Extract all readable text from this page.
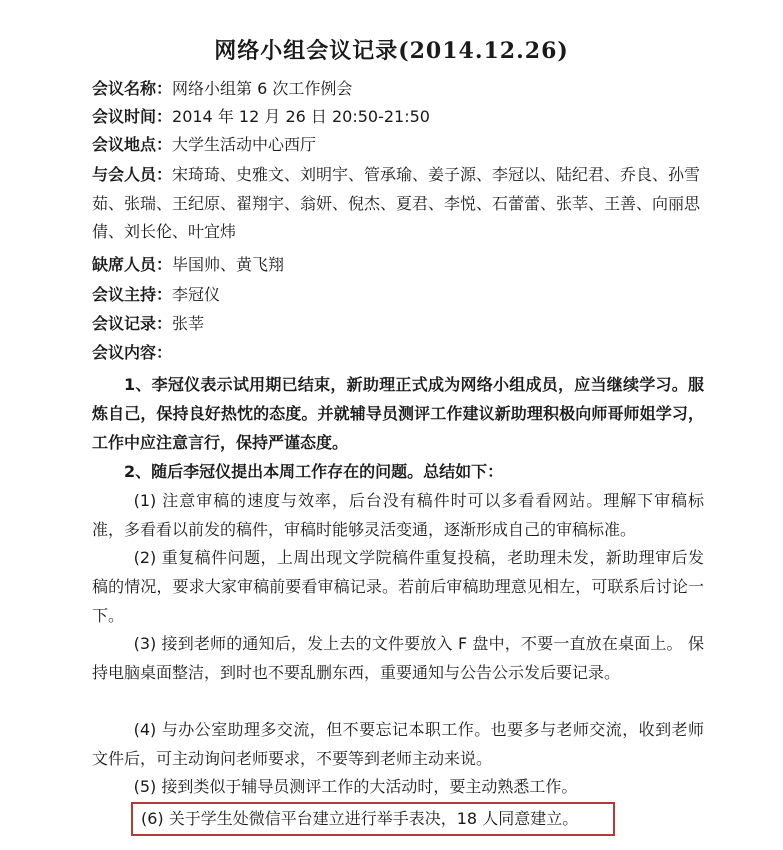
网络小组会议记录(2014.12.26)
会议名称：网络小组第 6 次工作例会
会议时间：2014 年 12 月 26 日 20:50-21:50
会议地点：大学生活动中心西厅
与会人员：宋琦琦、史雅文、刘明宇、管承瑜、姜子源、李冠以、陆纪君、乔良、孙雪茹、张瑞、王纪原、翟翔宇、翁妍、倪杰、夏君、李悦、石蕾蕾、张莘、王善、向丽思倩、刘长伦、叶宜炜
缺席人员：毕国帅、黄飞翔
会议主持：李冠仪
会议记录：张莘
会议内容：
1、李冠仪表示试用期已结束，新助理正式成为网络小组成员，应当继续学习。服炼自己，保持良好热忱的态度。并就辅导员测评工作建议新助理积极向师哥师姐学习，工作中应注意言行，保持严谨态度。
2、随后李冠仪提出本周工作存在的问题。总结如下：
(1) 注意审稿的速度与效率，后台没有稿件时可以多看看网站。理解下审稿标准，多看看以前发的稿件，审稿时能够灵活变通，逐渐形成自己的审稿标准。
(2) 重复稿件问题，上周出现文学院稿件重复投稿，老助理未发，新助理审后发稿的情况，要求大家审稿前要看审稿记录。若前后审稿助理意见相左，可联系后讨论一下。
(3) 接到老师的通知后，发上去的文件要放入 F 盘中，不要一直放在桌面上。 保持电脑桌面整洁，到时也不要乱删东西，重要通知与公告公示发后要记录。
(4) 与办公室助理多交流，但不要忘记本职工作。也要多与老师交流，收到老师文件后，可主动询问老师要求，不要等到老师主动来说。
(5) 接到类似于辅导员测评工作的大活动时，要主动熟悉工作。
(6) 关于学生处微信平台建立进行举手表决，18 人同意建立。
